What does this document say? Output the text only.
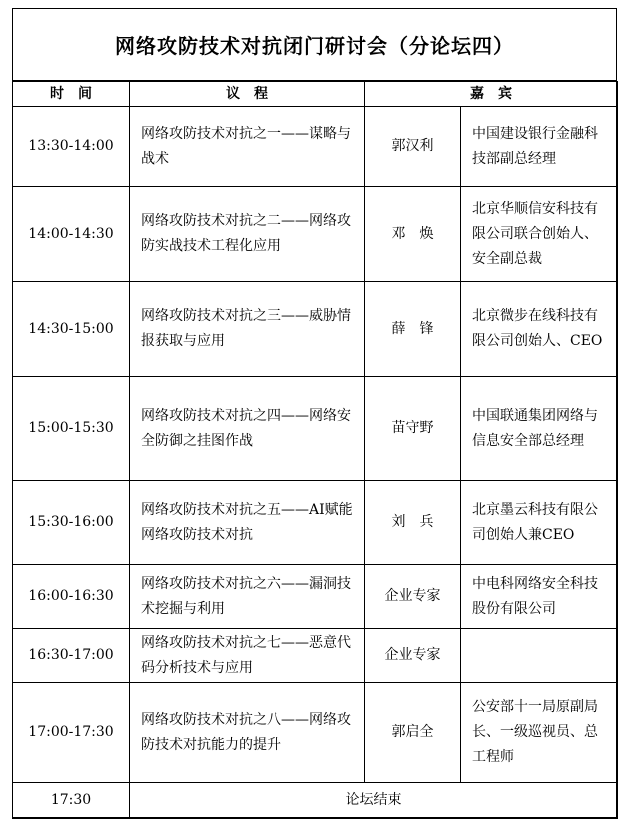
网络攻防技术对抗闭门研讨会（分论坛四）
时　间	议　程	嘉　宾	
13:30-14:00	网络攻防技术对抗之一——谋略与战术	郭汉利	中国建设银行金融科技部副总经理
14:00-14:30	网络攻防技术对抗之二——网络攻防实战技术工程化应用	邓　焕	北京华顺信安科技有限公司联合创始人、安全副总裁
14:30-15:00	网络攻防技术对抗之三——威胁情报获取与应用	薛　锋	北京微步在线科技有限公司创始人、CEO
15:00-15:30	网络攻防技术对抗之四——网络安全防御之挂图作战	苗守野	中国联通集团网络与信息安全部总经理
15:30-16:00	网络攻防技术对抗之五——AI赋能网络攻防技术对抗	刘　兵	北京墨云科技有限公司创始人兼CEO
16:00-16:30	网络攻防技术对抗之六——漏洞技术挖掘与利用	企业专家	中电科网络安全科技股份有限公司
16:30-17:00	网络攻防技术对抗之七——恶意代码分析技术与应用	企业专家	
17:00-17:30	网络攻防技术对抗之八——网络攻防技术对抗能力的提升	郭启全	公安部十一局原副局长、一级巡视员、总工程师
17:30	论坛结束		
